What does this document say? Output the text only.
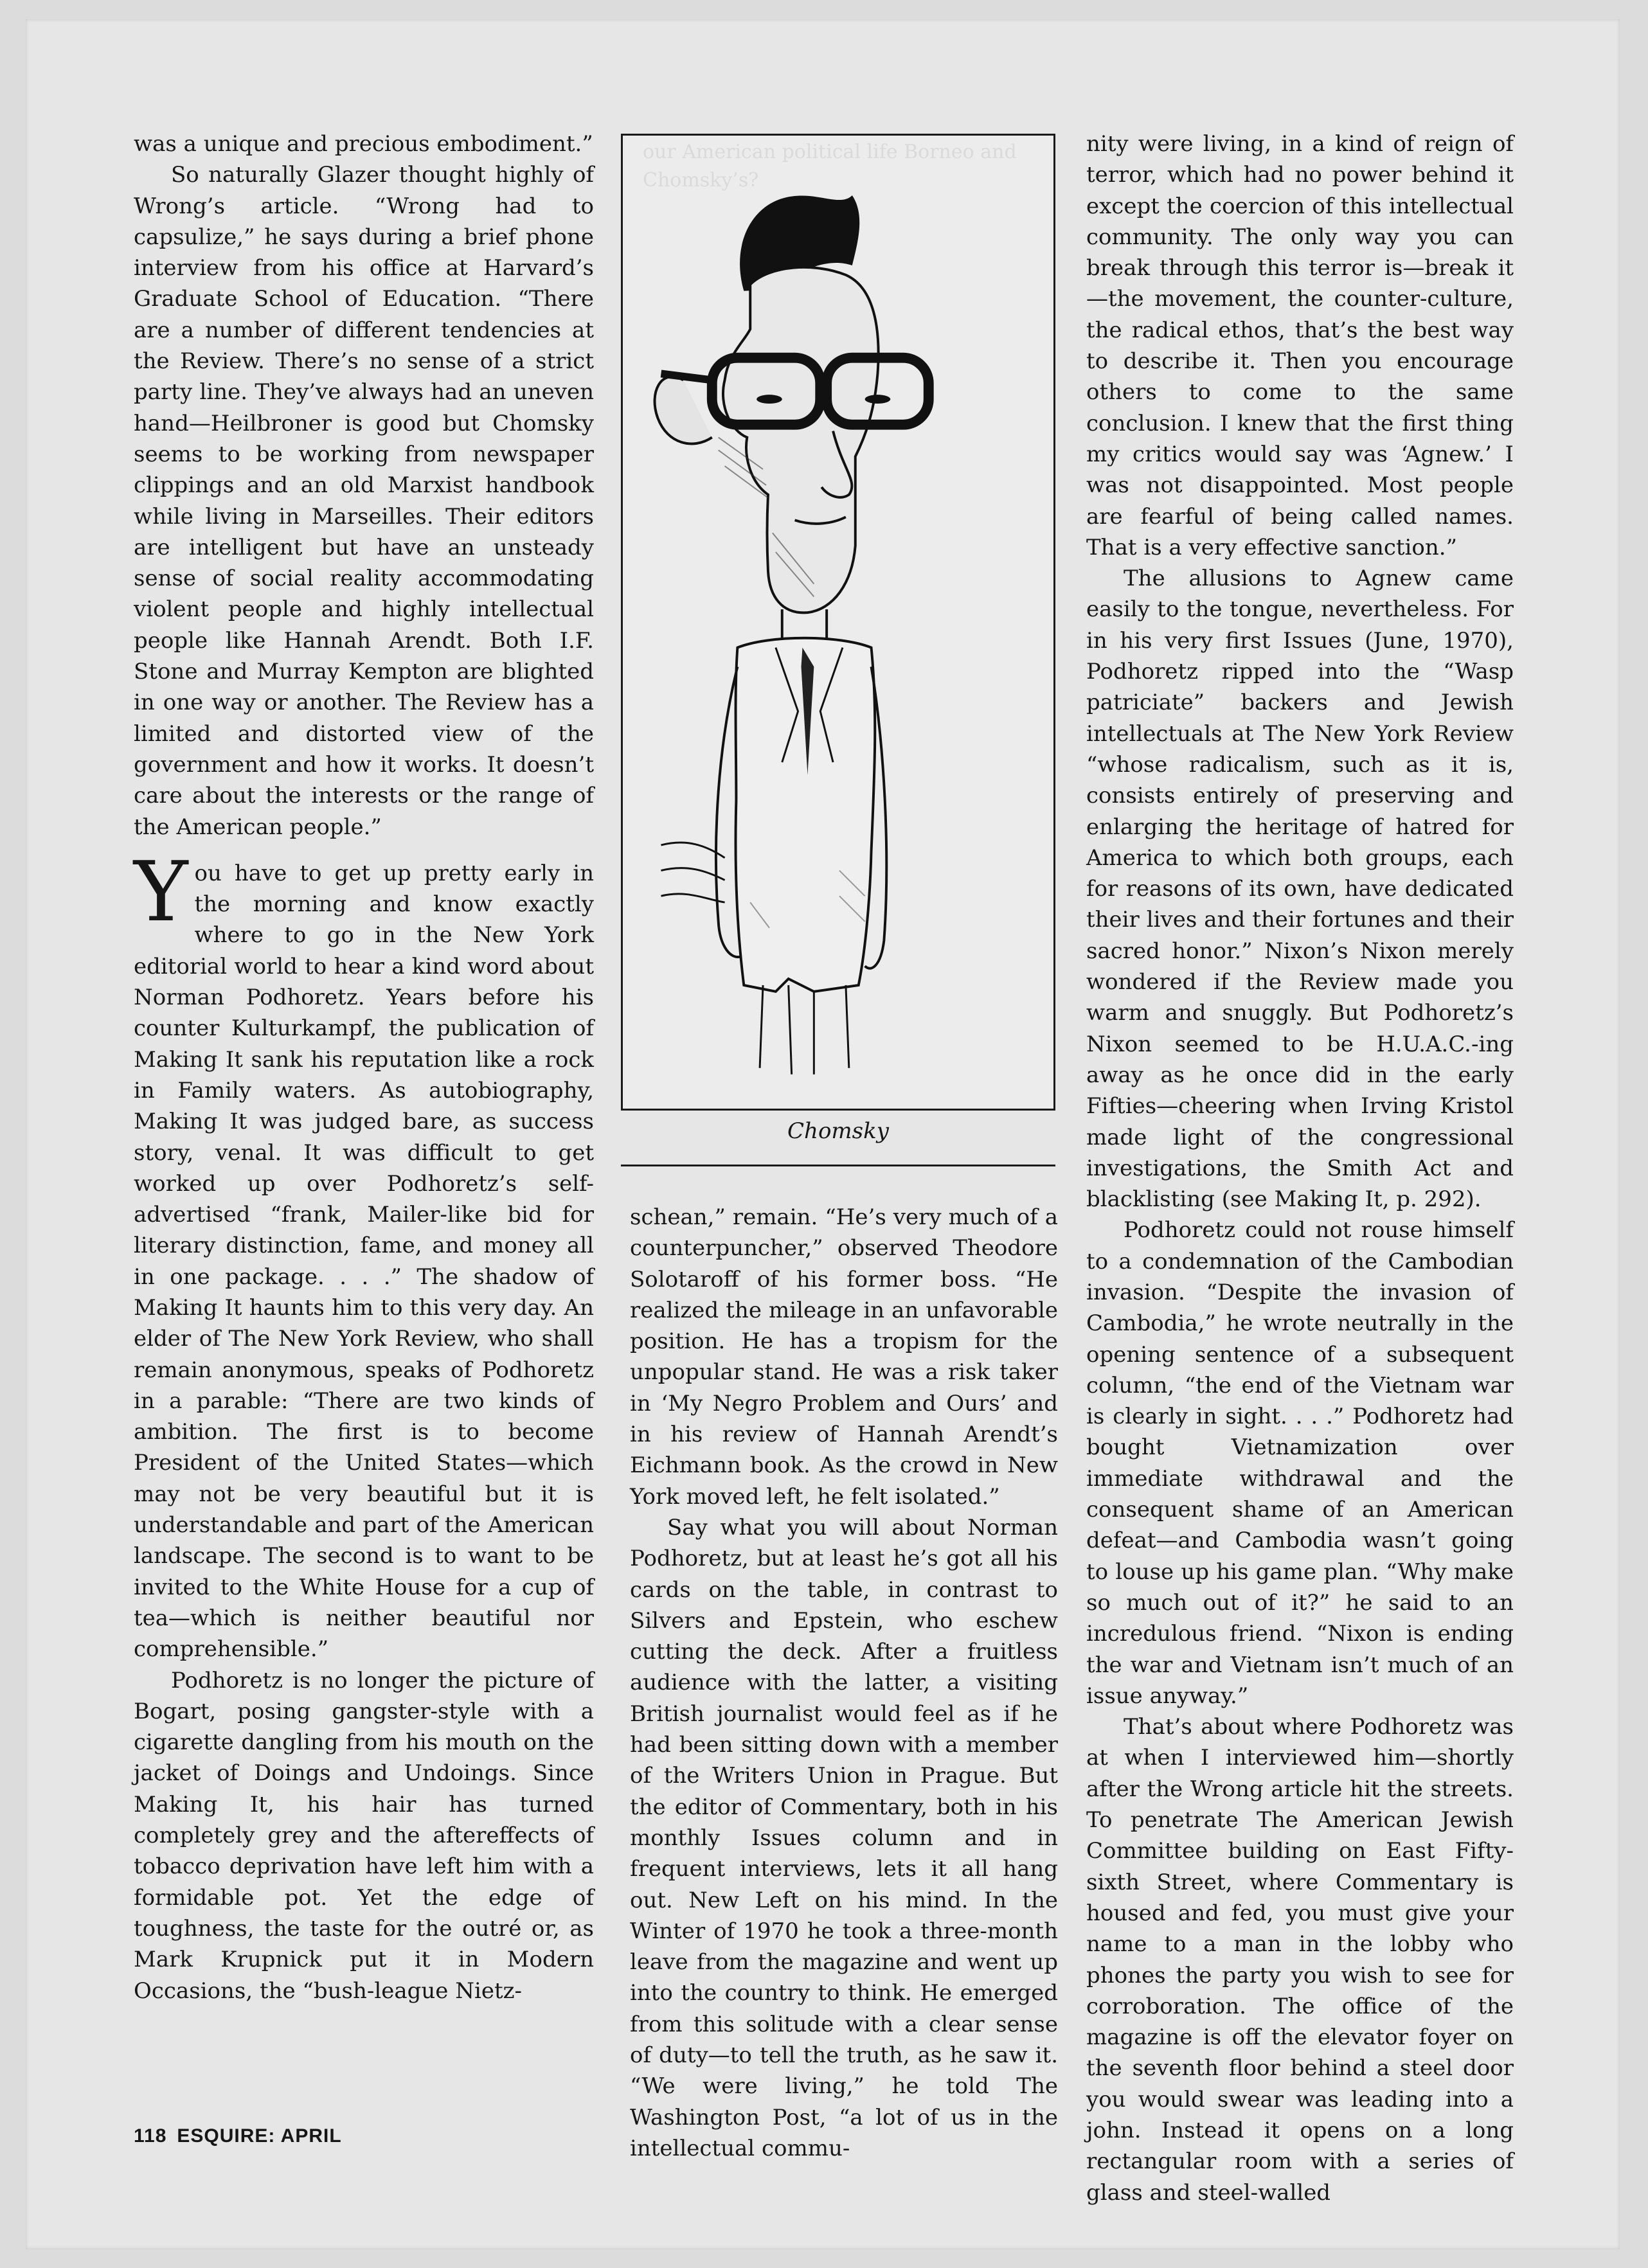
was a unique and precious embodiment.”

So naturally Glazer thought highly of Wrong’s article. “Wrong had to capsulize,” he says during a brief phone interview from his office at Harvard’s Graduate School of Education. “There are a number of different tendencies at the Review. There’s no sense of a strict party line. They’ve always had an uneven hand—Heilbroner is good but Chomsky seems to be working from newspaper clippings and an old Marxist handbook while living in Marseilles. Their editors are intelligent but have an unsteady sense of social reality accommodating violent people and highly intellectual people like Hannah Arendt. Both I.F. Stone and Murray Kempton are blighted in one way or another. The Review has a limited and distorted view of the government and how it works. It doesn’t care about the interests or the range of the American people.”

You have to get up pretty early in the morning and know exactly where to go in the New York editorial world to hear a kind word about Norman Podhoretz. Years before his counter Kulturkampf, the publication of Making It sank his reputation like a rock in Family waters. As autobiography, Making It was judged bare, as success story, venal. It was difficult to get worked up over Podhoretz’s self-advertised “frank, Mailer-like bid for literary distinction, fame, and money all in one package. . . .” The shadow of Making It haunts him to this very day. An elder of The New York Review, who shall remain anonymous, speaks of Podhoretz in a parable: “There are two kinds of ambition. The first is to become President of the United States—which may not be very beautiful but it is understandable and part of the American landscape. The second is to want to be invited to the White House for a cup of tea—which is neither beautiful nor comprehensible.”

Podhoretz is no longer the picture of Bogart, posing gangster-style with a cigarette dangling from his mouth on the jacket of Doings and Undoings. Since Making It, his hair has turned completely grey and the aftereffects of tobacco deprivation have left him with a formidable pot. Yet the edge of toughness, the taste for the outré or, as Mark Krupnick put it in Modern Occasions, the “bush-league Nietz-

Chomsky

schean,” remain. “He’s very much of a counterpuncher,” observed Theodore Solotaroff of his former boss. “He realized the mileage in an unfavorable position. He has a tropism for the unpopular stand. He was a risk taker in ‘My Negro Problem and Ours’ and in his review of Hannah Arendt’s Eichmann book. As the crowd in New York moved left, he felt isolated.”

Say what you will about Norman Podhoretz, but at least he’s got all his cards on the table, in contrast to Silvers and Epstein, who eschew cutting the deck. After a fruitless audience with the latter, a visiting British journalist would feel as if he had been sitting down with a member of the Writers Union in Prague. But the editor of Commentary, both in his monthly Issues column and in frequent interviews, lets it all hang out. New Left on his mind. In the Winter of 1970 he took a three-month leave from the magazine and went up into the country to think. He emerged from this solitude with a clear sense of duty—to tell the truth, as he saw it. “We were living,” he told The Washington Post, “a lot of us in the intellectual commu-

nity were living, in a kind of reign of terror, which had no power behind it except the coercion of this intellectual community. The only way you can break through this terror is—break it—the movement, the counter-culture, the radical ethos, that’s the best way to describe it. Then you encourage others to come to the same conclusion. I knew that the first thing my critics would say was ‘Agnew.’ I was not disappointed. Most people are fearful of being called names. That is a very effective sanction.”

The allusions to Agnew came easily to the tongue, nevertheless. For in his very first Issues (June, 1970), Podhoretz ripped into the “Wasp patriciate” backers and Jewish intellectuals at The New York Review “whose radicalism, such as it is, consists entirely of preserving and enlarging the heritage of hatred for America to which both groups, each for reasons of its own, have dedicated their lives and their fortunes and their sacred honor.” Nixon’s Nixon merely wondered if the Review made you warm and snuggly. But Podhoretz’s Nixon seemed to be H.U.A.C.-ing away as he once did in the early Fifties—cheering when Irving Kristol made light of the congressional investigations, the Smith Act and blacklisting (see Making It, p. 292).

Podhoretz could not rouse himself to a condemnation of the Cambodian invasion. “Despite the invasion of Cambodia,” he wrote neutrally in the opening sentence of a subsequent column, “the end of the Vietnam war is clearly in sight. . . .” Podhoretz had bought Vietnamization over immediate withdrawal and the consequent shame of an American defeat—and Cambodia wasn’t going to louse up his game plan. “Why make so much out of it?” he said to an incredulous friend. “Nixon is ending the war and Vietnam isn’t much of an issue anyway.”

That’s about where Podhoretz was at when I interviewed him—shortly after the Wrong article hit the streets. To penetrate The American Jewish Committee building on East Fifty-sixth Street, where Commentary is housed and fed, you must give your name to a man in the lobby who phones the party you wish to see for corroboration. The office of the magazine is off the elevator foyer on the seventh floor behind a steel door you would swear was leading into a john. Instead it opens on a long rectangular room with a series of glass and steel-walled

118 ESQUIRE: APRIL
